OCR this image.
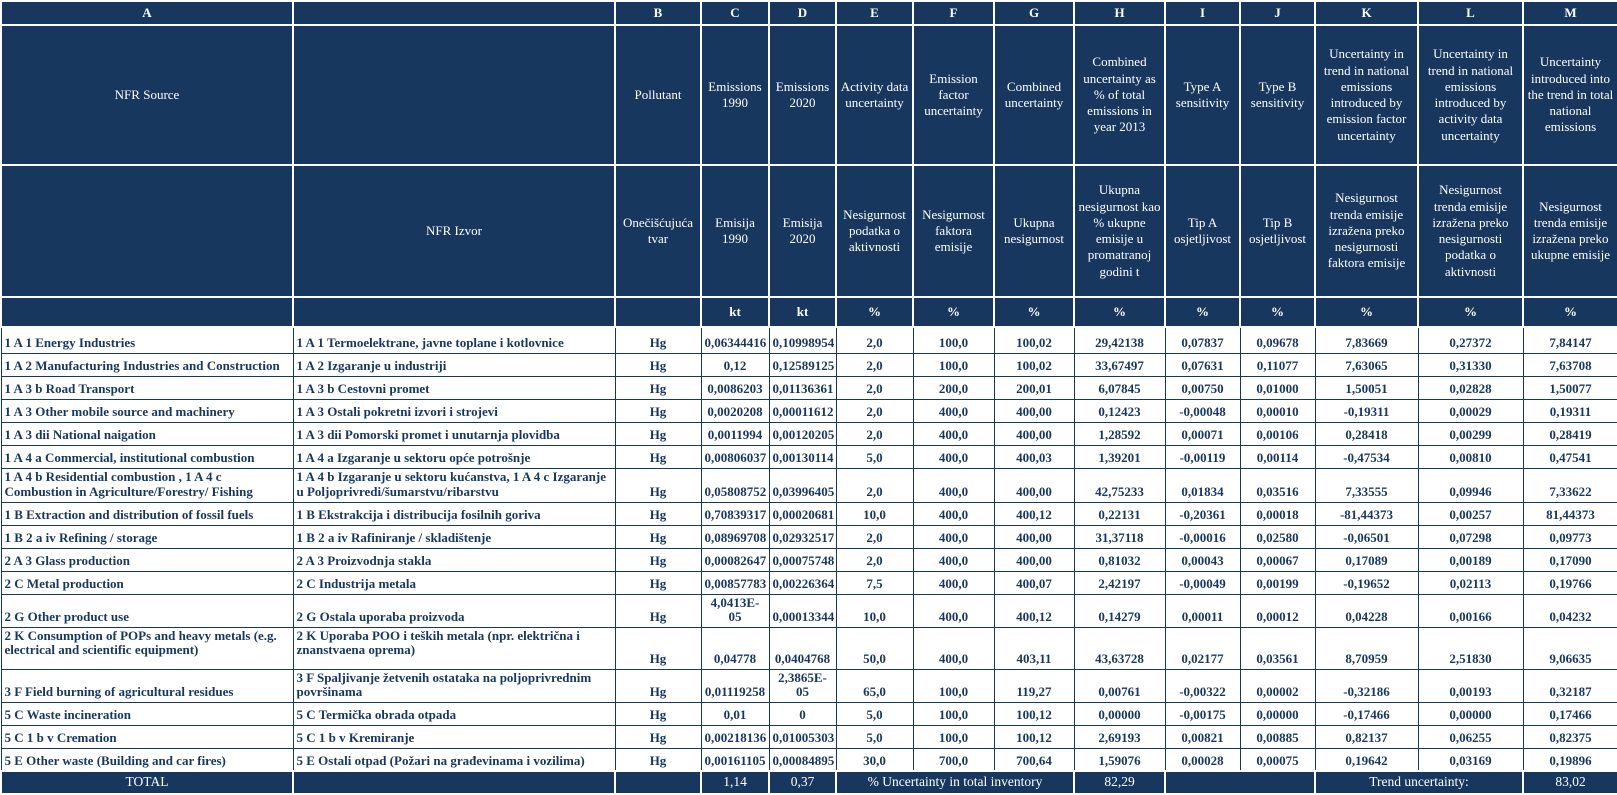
A		B	C	D	E	F	G	H	I	J	K	L	M
NFR Source		Pollutant	Emissions 1990	Emissions 2020	Activity data uncertainty	Emission factor uncertainty	Combined uncertainty	Combined uncertainty as % of total emissions in year 2013	Type A sensitivity	Type B sensitivity	Uncertainty in trend in national emissions introduced by emission factor uncertainty	Uncertainty in trend in national emissions introduced by activity data uncertainty	Uncertainty introduced into the trend in total national emissions
	NFR Izvor	Onečišćujuća tvar	Emisija 1990	Emisija 2020	Nesigurnost podatka o aktivnosti	Nesigurnost faktora emisije	Ukupna nesigurnost	Ukupna nesigurnost kao % ukupne emisije u promatranoj godini t	Tip A osjetljivost	Tip B osjetljivost	Nesigurnost trenda emisije izražena preko nesigurnosti faktora emisije	Nesigurnost trenda emisije izražena preko nesigurnosti podatka o aktivnosti	Nesigurnost trenda emisije izražena preko ukupne emisije
			kt	kt	%	%	%	%	%	%	%	%	%
1 A 1 Energy Industries	1 A 1 Termoelektrane, javne toplane i kotlovnice	Hg	0,06344416	0,10998954	2,0	100,0	100,02	29,42138	0,07837	0,09678	7,83669	0,27372	7,84147
1 A 2 Manufacturing Industries and Construction	1 A 2 Izgaranje u industriji	Hg	0,12	0,12589125	2,0	100,0	100,02	33,67497	0,07631	0,11077	7,63065	0,31330	7,63708
1 A 3 b Road Transport	1 A 3 b Cestovni promet	Hg	0,0086203	0,01136361	2,0	200,0	200,01	6,07845	0,00750	0,01000	1,50051	0,02828	1,50077
1 A 3 Other mobile source and machinery	1 A 3 Ostali pokretni izvori i strojevi	Hg	0,0020208	0,00011612	2,0	400,0	400,00	0,12423	-0,00048	0,00010	-0,19311	0,00029	0,19311
1 A 3 dii National naigation	1 A 3 dii Pomorski promet i unutarnja plovidba	Hg	0,0011994	0,00120205	2,0	400,0	400,00	1,28592	0,00071	0,00106	0,28418	0,00299	0,28419
1 A 4 a Commercial, institutional combustion	1 A 4 a Izgaranje u sektoru opće potrošnje	Hg	0,00806037	0,00130114	5,0	400,0	400,03	1,39201	-0,00119	0,00114	-0,47534	0,00810	0,47541
1 A 4 b Residential combustion , 1 A 4 c Combustion in Agriculture/Forestry/ Fishing	1 A 4 b Izgaranje u sektoru kućanstva, 1 A 4 c Izgaranje u Poljoprivredi/šumarstvu/ribarstvu	Hg	0,05808752	0,03996405	2,0	400,0	400,00	42,75233	0,01834	0,03516	7,33555	0,09946	7,33622
1 B Extraction and distribution of fossil fuels	1 B Ekstrakcija i distribucija fosilnih goriva	Hg	0,70839317	0,00020681	10,0	400,0	400,12	0,22131	-0,20361	0,00018	-81,44373	0,00257	81,44373
1 B 2 a iv Refining / storage	1 B 2 a iv Rafiniranje / skladištenje	Hg	0,08969708	0,02932517	2,0	400,0	400,00	31,37118	-0,00016	0,02580	-0,06501	0,07298	0,09773
2 A 3 Glass production	2 A 3 Proizvodnja stakla	Hg	0,00082647	0,00075748	2,0	400,0	400,00	0,81032	0,00043	0,00067	0,17089	0,00189	0,17090
2 C Metal production	2 C Industrija metala	Hg	0,00857783	0,00226364	7,5	400,0	400,07	2,42197	-0,00049	0,00199	-0,19652	0,02113	0,19766
2 G Other product use	2 G Ostala uporaba proizvoda	Hg	4,0413E-05	0,00013344	10,0	400,0	400,12	0,14279	0,00011	0,00012	0,04228	0,00166	0,04232
2 K Consumption of POPs and heavy metals (e.g. electrical and scientific equipment)	2 K Uporaba POO i teških metala (npr. električna i znanstvaena oprema)	Hg	0,04778	0,0404768	50,0	400,0	403,11	43,63728	0,02177	0,03561	8,70959	2,51830	9,06635
3 F Field burning of agricultural residues	3 F Spaljivanje žetvenih ostataka na poljoprivrednim površinama	Hg	0,01119258	2,3865E-05	65,0	100,0	119,27	0,00761	-0,00322	0,00002	-0,32186	0,00193	0,32187
5 C Waste incineration	5 C Termička obrada otpada	Hg	0,01	0	5,0	100,0	100,12	0,00000	-0,00175	0,00000	-0,17466	0,00000	0,17466
5 C 1 b v Cremation	5 C 1 b v Kremiranje	Hg	0,00218136	0,01005303	5,0	100,0	100,12	2,69193	0,00821	0,00885	0,82137	0,06255	0,82375
5 E Other waste (Building and car fires)	5 E Ostali otpad (Požari na građevinama i vozilima)	Hg	0,00161105	0,00084895	30,0	700,0	700,64	1,59076	0,00028	0,00075	0,19642	0,03169	0,19896
TOTAL			1,14	0,37	% Uncertainty in total inventory			82,29			Trend uncertainty:		83,02
